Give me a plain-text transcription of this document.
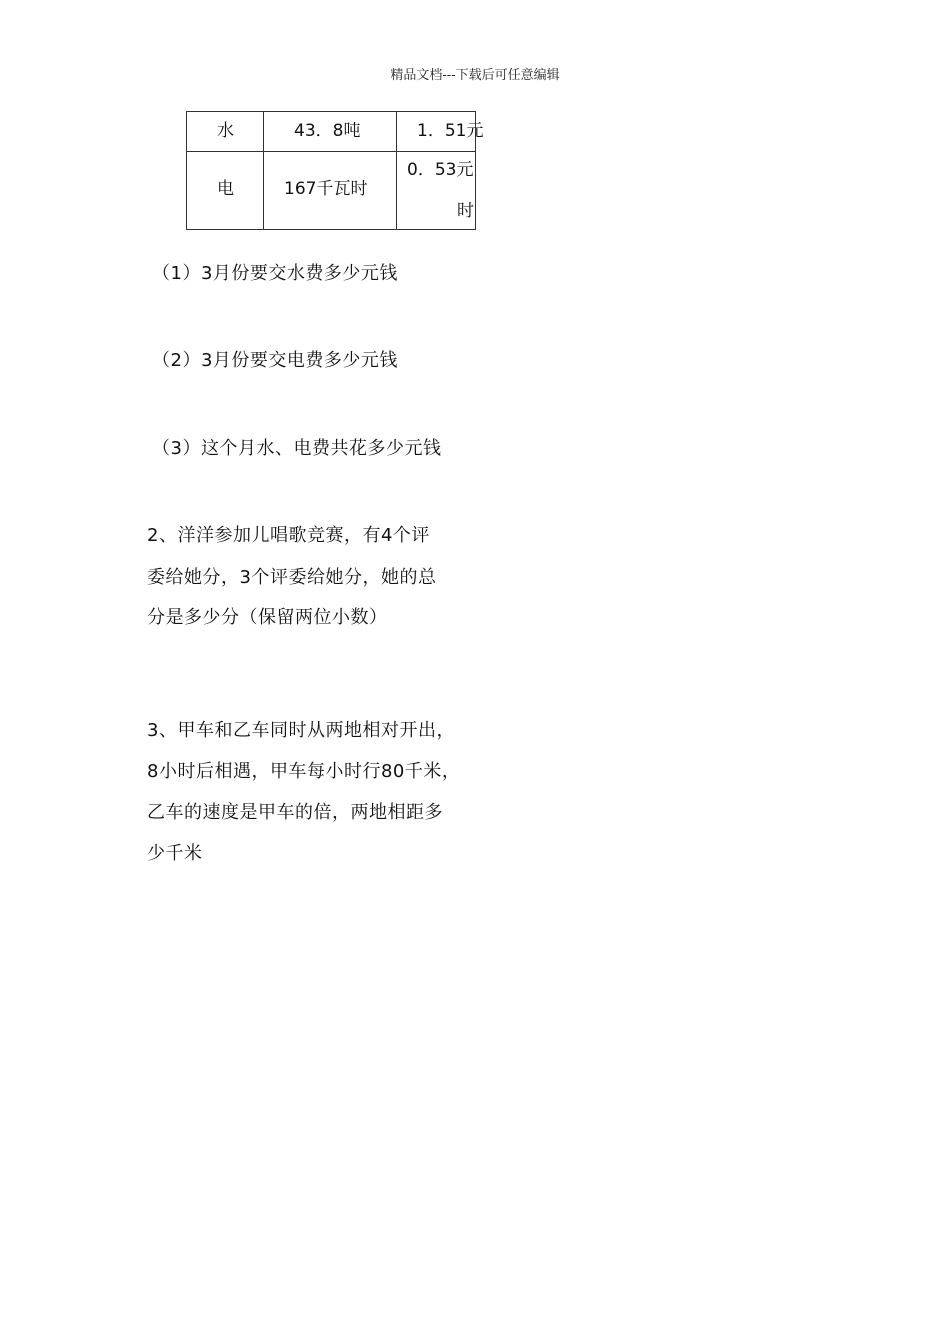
精品文档---下载后可任意编辑
水	43．8吨	1．51元

电	167千瓦时	0．53元
时
（1）3月份要交水费多少元钱
（2）3月份要交电费多少元钱
（3）这个月水、电费共花多少元钱
2、洋洋参加儿唱歌竞赛，有4个评
委给她分，3个评委给她分，她的总
分是多少分（保留两位小数）
3、甲车和乙车同时从两地相对开出，
8小时后相遇，甲车每小时行80千米，
乙车的速度是甲车的倍，两地相距多
少千米
